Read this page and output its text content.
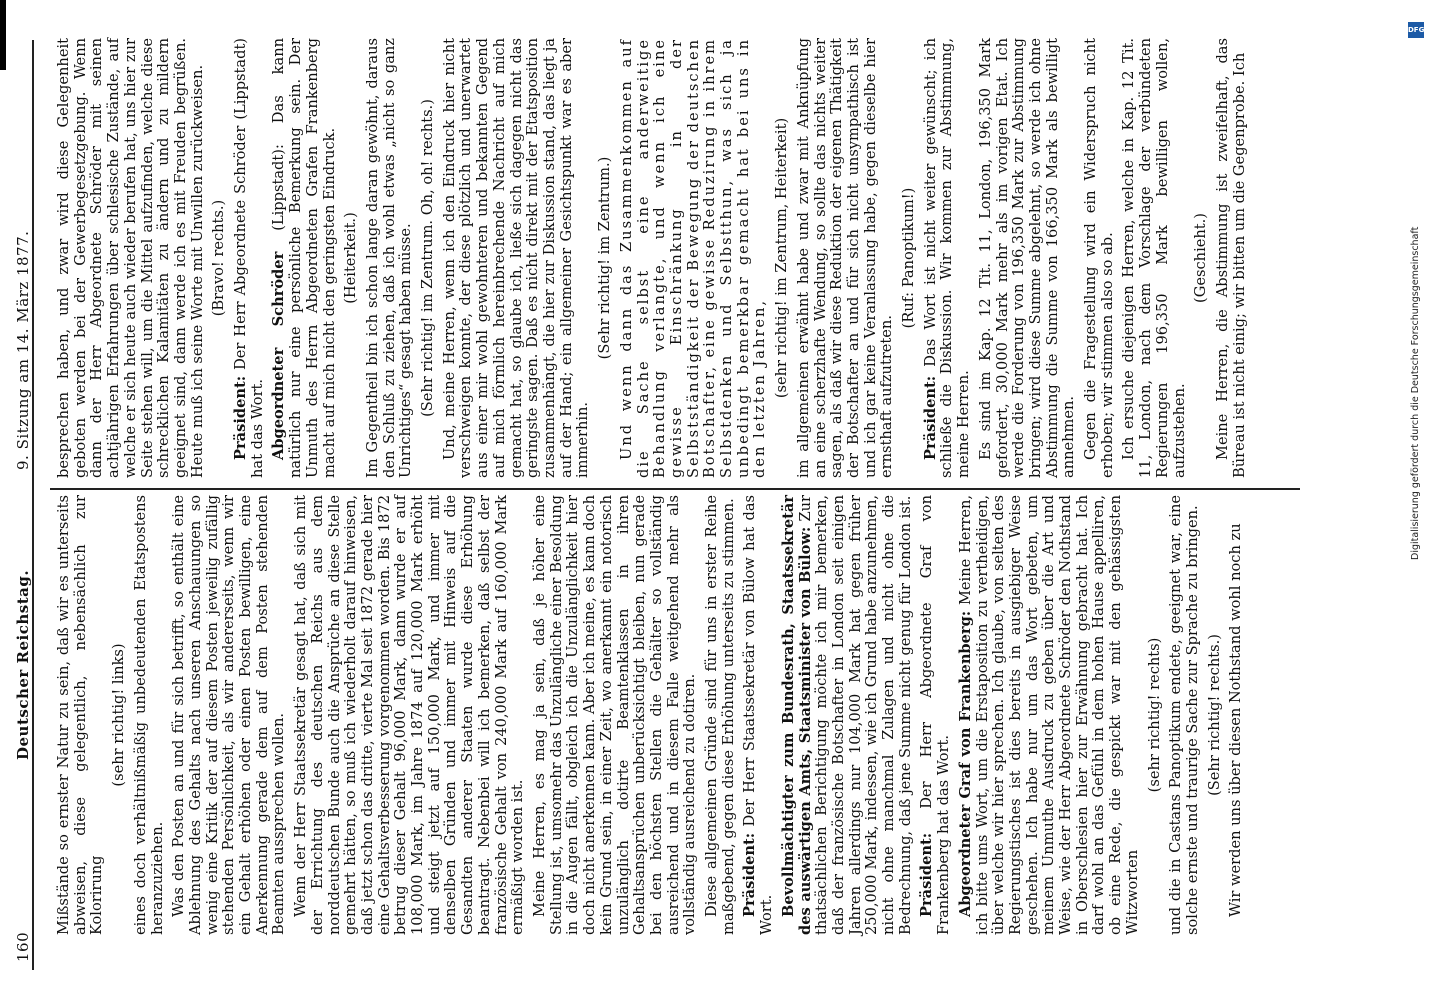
160
Deutscher Reichstag.
9. Sitzung am 14. März 1877.

Mißstände so ernster Natur zu sein, daß wir es unterseits abweisen, diese gelegentlich, nebensächlich zur Kolorirung

(sehr richtig! links) eines doch verhältnißmäßig unbedeutenden Etatspostens heranzuziehen. Was den Posten an und für sich betrifft, so enthält eine Ablehnung des Gehalts nach unseren Anschauungen so wenig eine Kritik der auf diesem Posten jeweilig zufällig stehenden Persönlichkeit, als wir andererseits, wenn wir ein Gehalt erhöhen oder einen Posten bewilligen, eine Anerkennung gerade dem auf dem Posten stehenden Beamten aussprechen wollen. Wenn der Herr Staatssekretär gesagt hat, daß sich mit der Errichtung des deutschen Reichs aus dem norddeutschen Bunde auch die Ansprüche an diese Stelle gemehrt hätten, so muß ich wiederholt darauf hinweisen, daß jetzt schon das dritte, vierte Mal seit 1872 gerade hier eine Gehaltsverbesserung vorgenommen worden. Bis 1872 betrug dieser Gehalt 96,000 Mark, dann wurde er auf 108,000 Mark, im Jahre 1874 auf 120,000 Mark erhöht und steigt jetzt auf 150,000 Mark, und immer mit denselben Gründen und immer mit Hinweis auf die Gesandten anderer Staaten wurde diese Erhöhung beantragt. Nebenbei will ich bemerken, daß selbst der französische Gehalt von 240,000 Mark auf 160,000 Mark ermäßigt worden ist. Meine Herren, es mag ja sein, daß je höher eine Stellung ist, umsomehr das Unzulängliche einer Besoldung in die Augen fällt, obgleich ich die Unzulänglichkeit hier doch nicht anerkennen kann. Aber ich meine, es kann doch kein Grund sein, in einer Zeit, wo anerkannt ein notorisch unzulänglich dotirte Beamtenklassen in ihren Gehaltsansprüchen unberücksichtigt bleiben, nun gerade bei den höchsten Stellen die Gehälter so vollständig ausreichend und in diesem Falle weitgehend mehr als vollständig ausreichend zu dotiren. Diese allgemeinen Gründe sind für uns in erster Reihe maßgebend, gegen diese Erhöhung unterseits zu stimmen. Präsident: Der Herr Staatssekretär von Bülow hat das Wort. Bevollmächtigter zum Bundesrath, Staatssekretär des auswärtigen Amts, Staatsminister von Bülow: Zur thatsächlichen Berichtigung möchte ich mir bemerken, daß der französische Botschafter in London seit einigen Jahren allerdings nur 104,000 Mark hat gegen früher 250,000 Mark, indessen, wie ich Grund habe anzunehmen, nicht ohne manchmal Zulagen und nicht ohne die Bedrechnung, daß jene Summe nicht genug für London ist. Präsident: Der Herr Abgeordnete Graf von Frankenberg hat das Wort. Abgeordneter Graf von Frankenberg: Meine Herren, ich bitte ums Wort, um die Erstaposition zu vertheidigen, über welche wir hier sprechen. Ich glaube, von selten des Regierungstisches ist dies bereits in ausgiebiger Weise geschehen. Ich habe nur um das Wort gebeten, um meinem Unmuthe Ausdruck zu geben über die Art und Weise, wie der Herr Abgeordnete Schröder den Nothstand in Oberschlesien hier zur Erwähnung gebracht hat. Ich darf wohl an das Gefühl in dem hohen Hause appelliren, ob eine Rede, die gespickt war mit den gehässigsten Witzworten

(sehr richtig! rechts) und die in Castans Panoptikum endete, geeignet war, eine solche ernste und traurige Sache zur Sprache zu bringen. (Sehr richtig! rechts.) Wir werden uns über diesen Nothstand wohl noch zu

besprechen haben, und zwar wird diese Gelegenheit geboten werden bei der Gewerbegesetzgebung. Wenn dann der Herr Abgeordnete Schröder mit seinen achtjährigen Erfahrungen über schlesische Zustände, auf welche er sich heute auch wieder berufen hat, uns hier zur Seite stehen will, um die Mittel aufzufinden, welche diese schrecklichen Kalamitäten zu ändern und zu mildern geeignet sind, dann werde ich es mit Freuden begrüßen. Heute muß ich seine Worte mit Unwillen zurückweisen. (Bravo! rechts.)

Präsident: Der Herr Abgeordnete Schröder (Lippstadt) hat das Wort. Abgeordneter Schröder (Lippstadt): Das kann natürlich nur eine persönliche Bemerkung sein. Der Unmuth des Herrn Abgeordneten Grafen Frankenberg macht auf mich nicht den geringsten Eindruck. (Heiterkeit.) Im Gegentheil bin ich schon lange daran gewöhnt, daraus den Schluß zu ziehen, daß ich wohl etwas „nicht so ganz Unrichtiges“ gesagt haben müsse. (Sehr richtig! im Zentrum. Oh, oh! rechts.) Und, meine Herren, wenn ich den Eindruck hier nicht verschweigen konnte, der diese plötzlich und unerwartet aus einer mir wohl gewohnteren und bekannten Gegend auf mich förmlich hereinbrechende Nachricht auf mich gemacht hat, so glaube ich, ließe sich dagegen nicht das geringste sagen. Daß es nicht direkt mit der Etatsposition zusammenhängt, die hier zur Diskussion stand, das liegt ja auf der Hand; ein allgemeiner Gesichtspunkt war es aber immerhin.

(Sehr richtig! im Zentrum.) Und wenn dann das Zusammenkommen auf die Sache selbst eine anderweitige Behandlung verlangte, und wenn ich eine gewisse Einschränkung in der Selbstständigkeit der Bewegung der deutschen Botschafter, eine gewisse Reduzirung in ihrem Selbstdenken und Selbstthun, was sich ja unbedingt bemerkbar gemacht hat bei uns in den letzten Jahren, (sehr richtig! im Zentrum, Heiterkeit) im allgemeinen erwähnt habe und zwar mit Anknüpfung an eine scherzhafte Wendung, so sollte das nichts weiter sagen, als daß wir diese Reduktion der eigenen Thätigkeit der Botschafter an und für sich nicht unsympathisch ist und ich gar keine Veranlassung habe, gegen dieselbe hier ernsthaft aufzutreten.

(Ruf: Panoptikum!)

Präsident: Das Wort ist nicht weiter gewünscht; ich schließe die Diskussion. Wir kommen zur Abstimmung, meine Herren. Es sind im Kap. 12 Tit. 11, London, 196,350 Mark gefordert, 30,000 Mark mehr als im vorigen Etat. Ich werde die Forderung von 196,350 Mark zur Abstimmung bringen; wird diese Summe abgelehnt, so werde ich ohne Abstimmung die Summe von 166,350 Mark als bewilligt annehmen. Gegen die Fragestellung wird ein Widerspruch nicht erhoben; wir stimmen also so ab. Ich ersuche diejenigen Herren, welche in Kap. 12 Tit. 11, London, nach dem Vorschlage der verbündeten Regierungen 196,350 Mark bewilligen wollen, aufzustehen.

(Geschieht.) Meine Herren, die Abstimmung ist zweifelhaft, das Büreau ist nicht einig; wir bitten um die Gegenprobe. Ich

DFG
Digitalisierung gefördert durch die Deutsche Forschungsgemeinschaft
